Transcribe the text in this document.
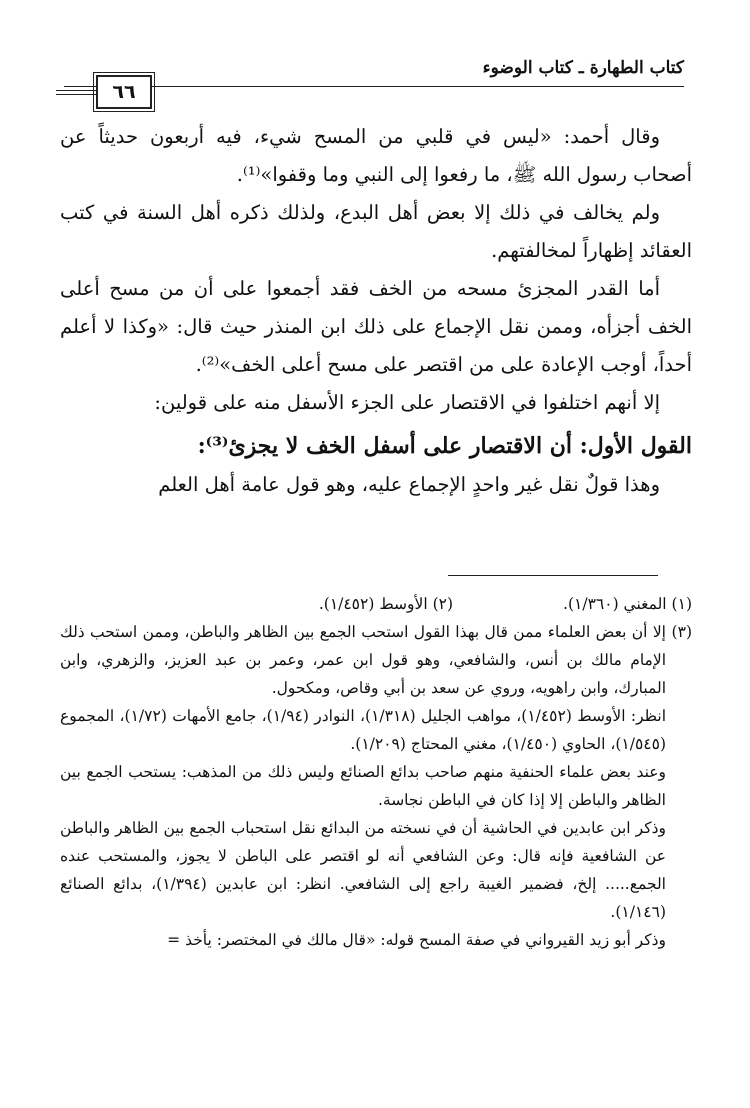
كتاب الطهارة ـ كتاب الوضوء
٦٦

وقال أحمد: «ليس في قلبي من المسح شيء، فيه أربعون حديثاً عن أصحاب رسول الله ﷺ، ما رفعوا إلى النبي وما وقفوا»⁽¹⁾.

ولم يخالف في ذلك إلا بعض أهل البدع، ولذلك ذكره أهل السنة في كتب العقائد إظهاراً لمخالفتهم.

أما القدر المجزئ مسحه من الخف فقد أجمعوا على أن من مسح أعلى الخف أجزأه، وممن نقل الإجماع على ذلك ابن المنذر حيث قال: «وكذا لا أعلم أحداً، أوجب الإعادة على من اقتصر على مسح أعلى الخف»⁽²⁾.

إلا أنهم اختلفوا في الاقتصار على الجزء الأسفل منه على قولين:

القول الأول: أن الاقتصار على أسفل الخف لا يجزئ⁽³⁾:

وهذا قولٌ نقل غير واحدٍ الإجماع عليه، وهو قول عامة أهل العلم

(١) المغني (١/٣٦٠).
(٢) الأوسط (١/٤٥٢).
(٣)

إلا أن بعض العلماء ممن قال بهذا القول استحب الجمع بين الظاهر والباطن، وممن استحب ذلك الإمام مالك بن أنس، والشافعي، وهو قول ابن عمر، وعمر بن عبد العزيز، والزهري، وابن المبارك، وابن راهويه، وروي عن سعد بن أبي وقاص، ومكحول.

انظر: الأوسط (١/٤٥٢)، مواهب الجليل (١/٣١٨)، النوادر (١/٩٤)، جامع الأمهات (١/٧٢)، المجموع (١/٥٤٥)، الحاوي (١/٤٥٠)، مغني المحتاج (١/٢٠٩).

وعند بعض علماء الحنفية منهم صاحب بدائع الصنائع وليس ذلك من المذهب: يستحب الجمع بين الظاهر والباطن إلا إذا كان في الباطن نجاسة.

وذكر ابن عابدين في الحاشية أن في نسخته من البدائع نقل استحباب الجمع بين الظاهر والباطن عن الشافعية فإنه قال: وعن الشافعي أنه لو اقتصر على الباطن لا يجوز، والمستحب عنده الجمع..... إلخ، فضمير الغيبة راجع إلى الشافعي. انظر: ابن عابدين (١/٣٩٤)، بدائع الصنائع (١/١٤٦).

وذكر أبو زيد القيرواني في صفة المسح قوله: «قال مالك في المختصر: يأخذ =
